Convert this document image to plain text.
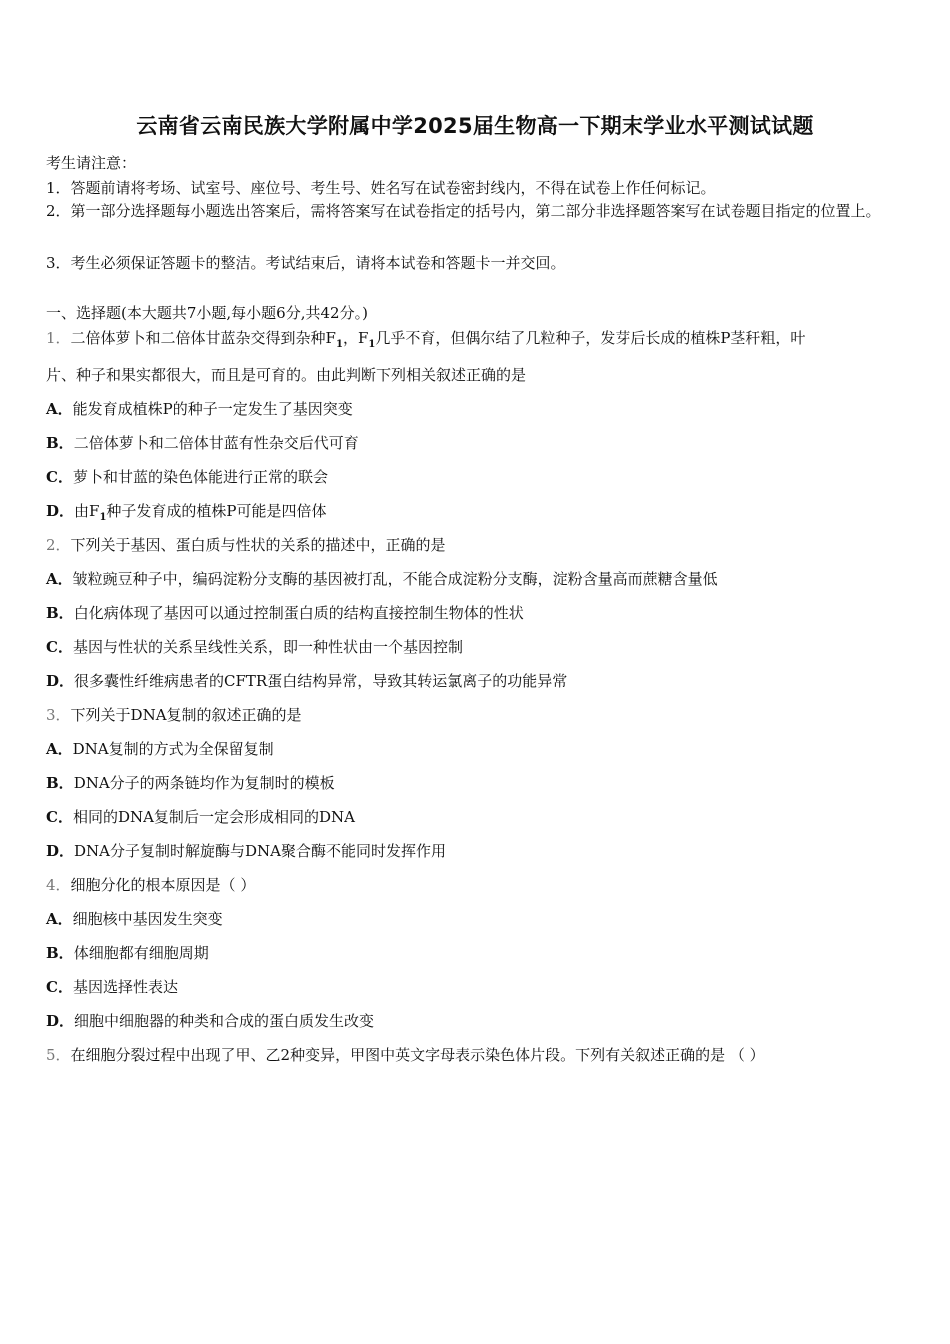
云南省云南民族大学附属中学2025届生物高一下期末学业水平测试试题
考生请注意：
1．答题前请将考场、试室号、座位号、考生号、姓名写在试卷密封线内，不得在试卷上作任何标记。
2．第一部分选择题每小题选出答案后，需将答案写在试卷指定的括号内，第二部分非选择题答案写在试卷题目指定的位置上。
3．考生必须保证答题卡的整洁。考试结束后，请将本试卷和答题卡一并交回。
一、选择题(本大题共7小题,每小题6分,共42分。)
1．二倍体萝卜和二倍体甘蓝杂交得到杂种$F_1$，$F_1$几乎不育，但偶尔结了几粒种子，发芽后长成的植株P茎秆粗，叶
片、种子和果实都很大，而且是可育的。由此判断下列相关叙述正确的是
A．能发育成植株P的种子一定发生了基因突变
B．二倍体萝卜和二倍体甘蓝有性杂交后代可育
C．萝卜和甘蓝的染色体能进行正常的联会
D．由$F_1$种子发育成的植株P可能是四倍体
2．下列关于基因、蛋白质与性状的关系的描述中，正确的是
A．皱粒豌豆种子中，编码淀粉分支酶的基因被打乱，不能合成淀粉分支酶，淀粉含量高而蔗糖含量低
B．白化病体现了基因可以通过控制蛋白质的结构直接控制生物体的性状
C．基因与性状的关系呈线性关系，即一种性状由一个基因控制
D．很多囊性纤维病患者的CFTR蛋白结构异常，导致其转运氯离子的功能异常
3．下列关于DNA复制的叙述正确的是
A．DNA复制的方式为全保留复制
B．DNA分子的两条链均作为复制时的模板
C．相同的DNA复制后一定会形成相同的DNA
D．DNA分子复制时解旋酶与DNA聚合酶不能同时发挥作用
4．细胞分化的根本原因是（ ）
A．细胞核中基因发生突变
B．体细胞都有细胞周期
C．基因选择性表达
D．细胞中细胞器的种类和合成的蛋白质发生改变
5．在细胞分裂过程中出现了甲、乙2种变异，甲图中英文字母表示染色体片段。下列有关叙述正确的是 （ ）
